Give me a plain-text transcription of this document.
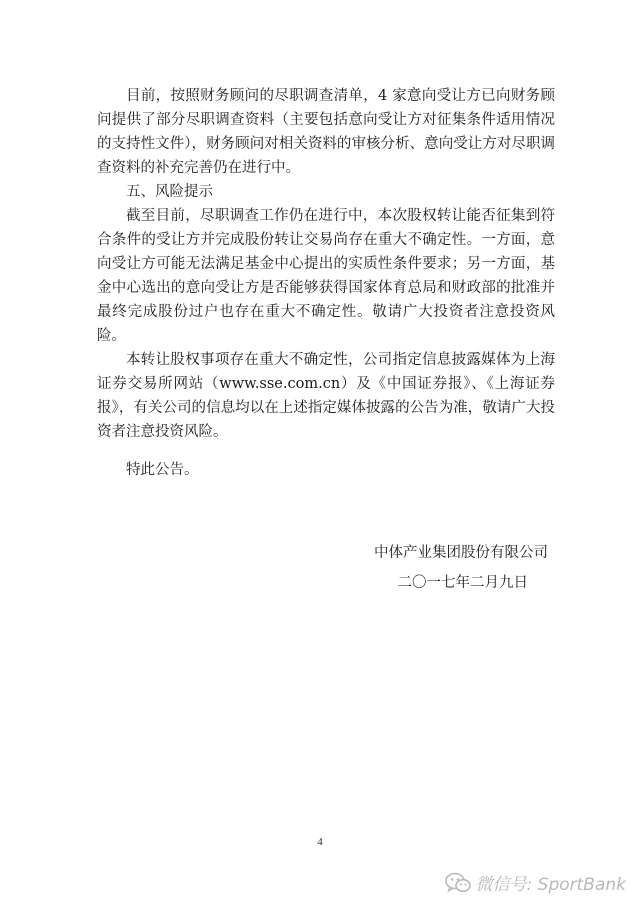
目前，按照财务顾问的尽职调查清单，4 家意向受让方已向财务顾问提供了部分尽职调查资料（主要包括意向受让方对征集条件适用情况的支持性文件），财务顾问对相关资料的审核分析、意向受让方对尽职调查资料的补充完善仍在进行中。

五、风险提示

截至目前，尽职调查工作仍在进行中，本次股权转让能否征集到符合条件的受让方并完成股份转让交易尚存在重大不确定性。一方面，意向受让方可能无法满足基金中心提出的实质性条件要求；另一方面，基金中心选出的意向受让方是否能够获得国家体育总局和财政部的批准并最终完成股份过户也存在重大不确定性。敬请广大投资者注意投资风险。

本转让股权事项存在重大不确定性，公司指定信息披露媒体为上海证券交易所网站（www.sse.com.cn）及《中国证券报》、《上海证券报》，有关公司的信息均以在上述指定媒体披露的公告为准，敬请广大投资者注意投资风险。

特此公告。
中体产业集团股份有限公司
二〇一七年二月九日
4
微信号: SportBank
